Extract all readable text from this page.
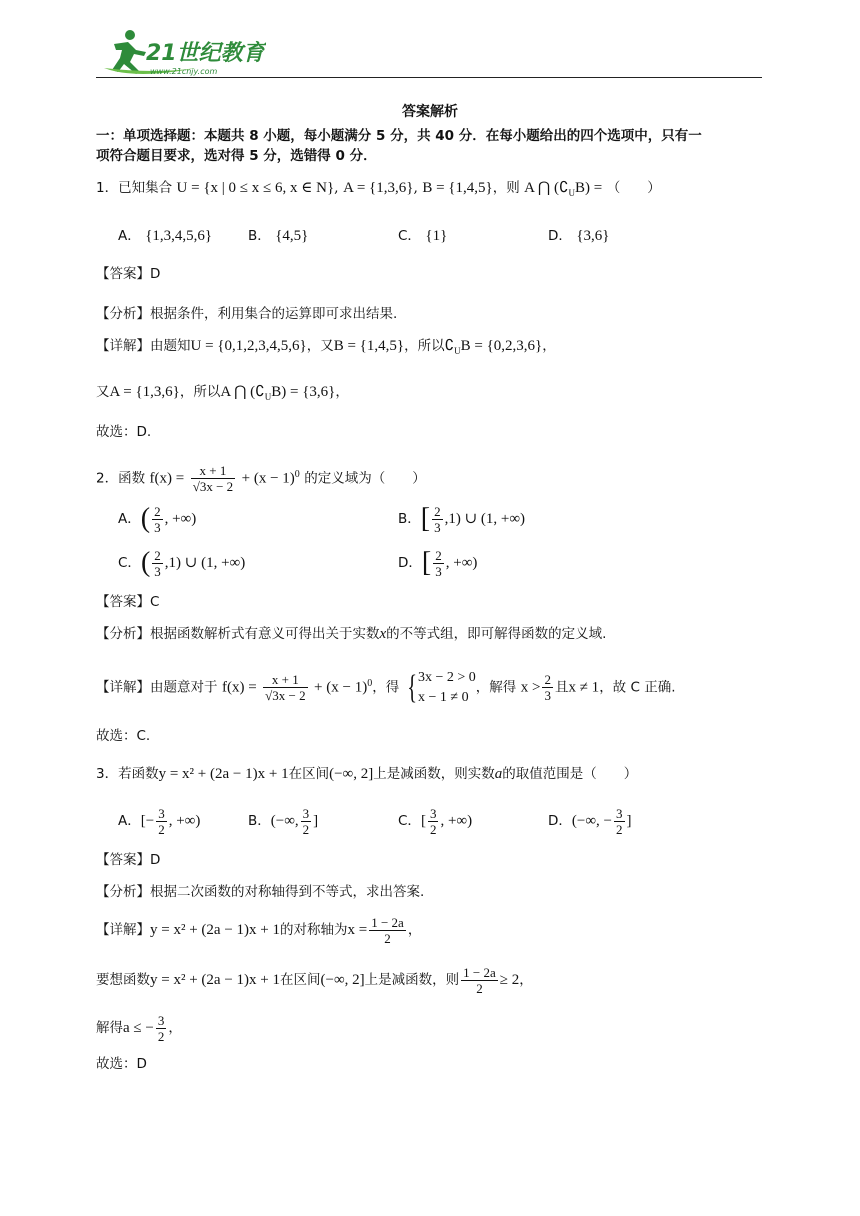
21世纪教育
www.21cnjy.com
答案解析
一：单项选择题：本题共 8 小题，每小题满分 5 分，共 40 分．在每小题给出的四个选项中，只有一
项符合题目要求，选对得 5 分，选错得 0 分．
1．已知集合 U = {x | 0 ≤ x ≤ 6, x ∈ N}, A = {1,3,6}, B = {1,4,5}，则 A ⋂ $(∁_UB)$ = （　　）
A． {1,3,4,5,6}	B． {4,5}	C． {1}	D． {3,6}
【答案】D
【分析】根据条件，利用集合的运算即可求出结果.
【详解】由题知U = {0,1,2,3,4,5,6}，又B = {1,4,5}，所以$∁_UB = \{0,2,3,6\}$，
又A = {1,3,6}，所以A ⋂ $(∁_UB) = \{3,6\}$，
故选：D.
2．函数 $f(x) = \frac{x + 1}{√3x - 2} + (x - 1)^0$ 的定义域为（　　）
A．( $\frac{2}{3}$ , +∞)	B．[ $\frac{2}{3} ,1$) ∪ (1, +∞)
C．( $\frac{2}{3} ,1$) ∪ (1, +∞)	D．[ $\frac{2}{3}$ , +∞)
【答案】C
【分析】根据函数解析式有意义可得出关于实数x的不等式组，即可解得函数的定义域.
【详解】由题意对于 $f(x) = \frac{x + 1}{√3x - 2} + (x - 1)^0$，得 { 3x − 2 > 0
x − 1 ≠ 0
，解得 $x > \frac{2}{3}$ 且x ≠ 1，故 C 正确.
故选：C.
3．若函数y = x² + (2a − 1)x + 1在区间(−∞, 2]上是减函数，则实数a的取值范围是（　　）
A．[− $\frac{3}{2}$ , +∞)	B．(−∞, $\frac{3}{2}$ ]	C．[ $\frac{3}{2}$ , +∞)	D．(−∞, − $\frac{3}{2}$ ]
【答案】D
【分析】根据二次函数的对称轴得到不等式，求出答案.
【详解】y = x² + (2a − 1)x + 1的对称轴为$x = \frac{1 - 2a}{2}$ ，
要想函数y = x² + (2a − 1)x + 1在区间(−∞, 2]上是减函数，则 $\frac{1 - 2a}{2} \ge 2$，
解得a ≤ − $\frac{3}{2}$ ，
故选：D
